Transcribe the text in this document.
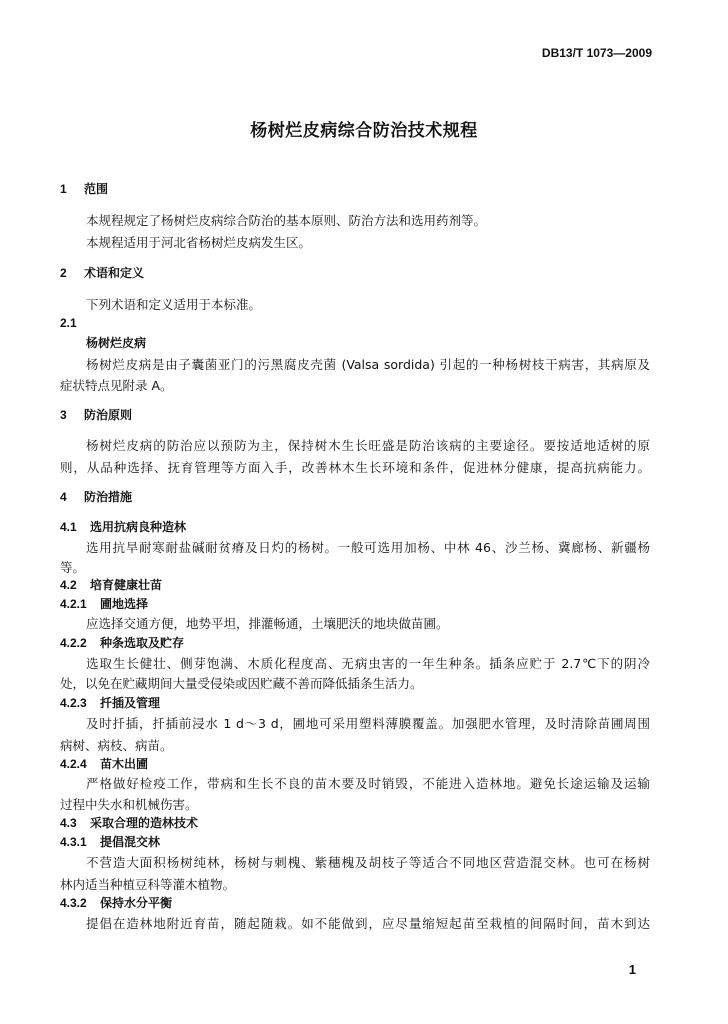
DB13/T 1073—2009
杨树烂皮病综合防治技术规程
1 范围
本规程规定了杨树烂皮病综合防治的基本原则、防治方法和选用药剂等。
本规程适用于河北省杨树烂皮病发生区。
2 术语和定义
下列术语和定义适用于本标准。
2.1
杨树烂皮病
杨树烂皮病是由子囊菌亚门的污黑腐皮壳菌 (Valsa sordida) 引起的一种杨树枝干病害，其病原及
症状特点见附录 A。
3 防治原则
杨树烂皮病的防治应以预防为主，保持树木生长旺盛是防治该病的主要途径。要按适地适树的原
则，从品种选择、抚育管理等方面入手，改善林木生长环境和条件，促进林分健康，提高抗病能力。
4 防治措施
4.1 选用抗病良种造林
选用抗旱耐寒耐盐碱耐贫瘠及日灼的杨树。一般可选用加杨、中林 46、沙兰杨、冀廊杨、新疆杨
等。
4.2 培育健康壮苗
4.2.1 圃地选择
应选择交通方便，地势平坦，排灌畅通，土壤肥沃的地块做苗圃。
4.2.2 种条选取及贮存
选取生长健壮、侧芽饱满、木质化程度高、无病虫害的一年生种条。插条应贮于 2.7℃下的阴冷
处，以免在贮藏期间大量受侵染或因贮藏不善而降低插条生活力。
4.2.3 扦插及管理
及时扦插，扦插前浸水 1 d～3 d，圃地可采用塑料薄膜覆盖。加强肥水管理，及时清除苗圃周围
病树、病枝、病苗。
4.2.4 苗木出圃
严格做好检疫工作，带病和生长不良的苗木要及时销毁，不能进入造林地。避免长途运输及运输
过程中失水和机械伤害。
4.3 采取合理的造林技术
4.3.1 提倡混交林
不营造大面积杨树纯林，杨树与刺槐、紫穗槐及胡枝子等适合不同地区营造混交林。也可在杨树
林内适当种植豆科等灌木植物。
4.3.2 保持水分平衡
提倡在造林地附近育苗，随起随栽。如不能做到，应尽量缩短起苗至栽植的间隔时间，苗木到达
1
